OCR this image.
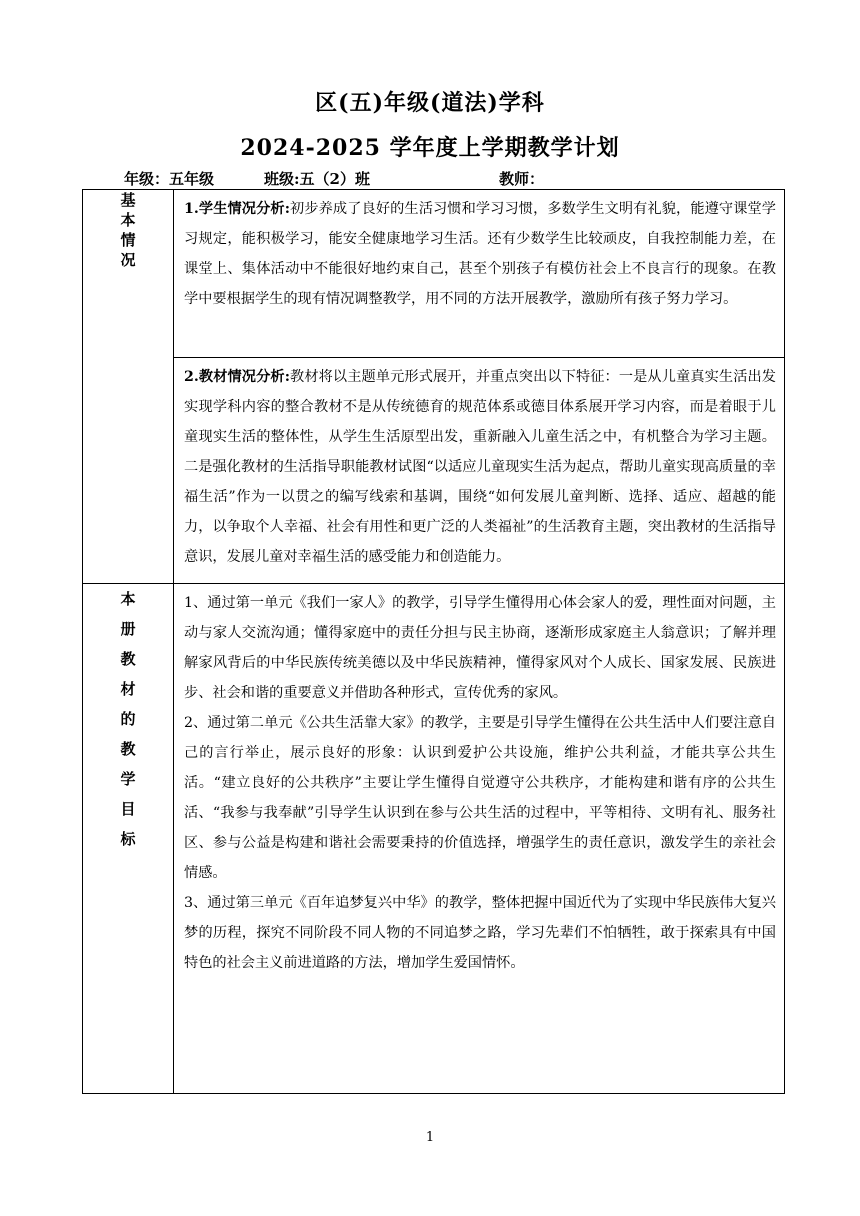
区(五)年级(道法)学科
2024-2025 学年度上学期教学计划
年级：五年级	班级:五（2）班	教师：
基本情况	1.学生情况分析:初步养成了良好的生活习惯和学习习惯，多数学生文明有礼貌，能遵守课堂学习规定，能积极学习，能安全健康地学习生活。还有少数学生比较顽皮，自我控制能力差，在课堂上、集体活动中不能很好地约束自己，甚至个别孩子有模仿社会上不良言行的现象。在教学中要根据学生的现有情况调整教学，用不同的方法开展教学，激励所有孩子努力学习。

	2.教材情况分析:教材将以主题单元形式展开，并重点突出以下特征：一是从儿童真实生活出发实现学科内容的整合教材不是从传统德育的规范体系或德目体系展开学习内容，而是着眼于儿童现实生活的整体性，从学生生活原型出发，重新融入儿童生活之中，有机整合为学习主题。二是强化教材的生活指导职能教材试图“以适应儿童现实生活为起点，帮助儿童实现高质量的幸福生活”作为一以贯之的编写线索和基调，围绕“如何发展儿童判断、选择、适应、超越的能力，以争取个人幸福、社会有用性和更广泛的人类福祉”的生活教育主题，突出教材的生活指导意识，发展儿童对幸福生活的感受能力和创造能力。

本册教材的教学目标	1、通过第一单元《我们一家人》的教学，引导学生懂得用心体会家人的爱，理性面对问题，主动与家人交流沟通；懂得家庭中的责任分担与民主协商，逐渐形成家庭主人翁意识；了解并理解家风背后的中华民族传统美德以及中华民族精神，懂得家风对个人成长、国家发展、民族进步、社会和谐的重要意义并借助各种形式，宣传优秀的家风。

2、通过第二单元《公共生活靠大家》的教学，主要是引导学生懂得在公共生活中人们要注意自己的言行举止，展示良好的形象：认识到爱护公共设施，维护公共利益，才能共享公共生活。“建立良好的公共秩序”主要让学生懂得自觉遵守公共秩序，才能构建和谐有序的公共生活、“我参与我奉献”引导学生认识到在参与公共生活的过程中，平等相待、文明有礼、服务社区、参与公益是构建和谐社会需要秉持的价值选择，增强学生的责任意识，激发学生的亲社会情感。

3、通过第三单元《百年追梦复兴中华》的教学，整体把握中国近代为了实现中华民族伟大复兴梦的历程，探究不同阶段不同人物的不同追梦之路，学习先辈们不怕牺牲，敢于探索具有中国特色的社会主义前进道路的方法，增加学生爱国情怀。

1
